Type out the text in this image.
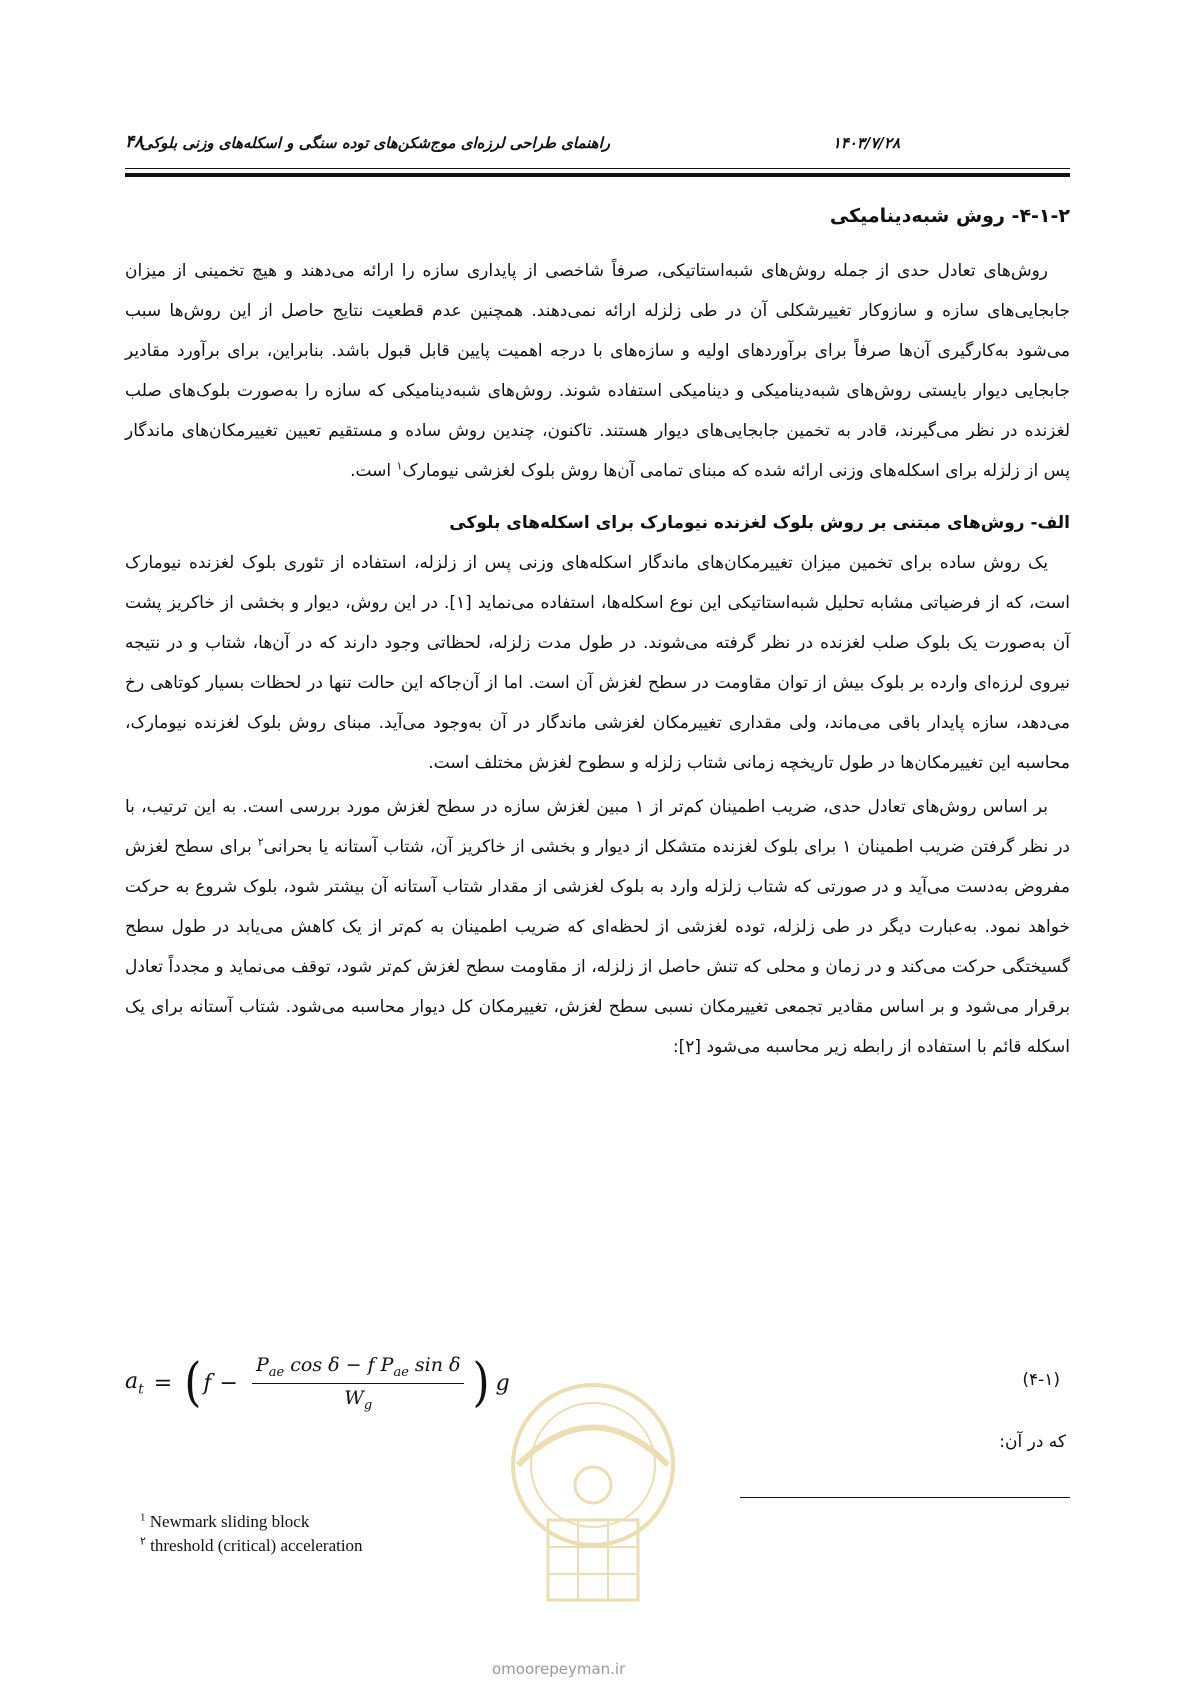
۴۸	۱۴۰۳/۷/۲۸
راهنمای طراحی لرزه‌ای موج‌شکن‌های توده سنگی و اسکله‌های وزنی بلوکی
۴-۱-۲- روش شبه‌دینامیکی

روش‌های تعادل حدی از جمله روش‌های شبه‌استاتیکی، صرفاً شاخصی از پایداری سازه را ارائه می‌دهند و هیچ تخمینی از میزان جابجایی‌های سازه و سازوکار تغییرشکلی آن در طی زلزله ارائه نمی‌دهند. همچنین عدم قطعیت نتایج حاصل از این روش‌ها سبب می‌شود به‌کارگیری آن‌ها صرفاً برای برآوردهای اولیه و سازه‌های با درجه اهمیت پایین قابل قبول باشد. بنابراین، برای برآورد مقادیر جابجایی دیوار بایستی روش‌های شبه‌دینامیکی و دینامیکی استفاده شوند. روش‌های شبه‌دینامیکی که سازه را به‌صورت بلوک‌های صلب لغزنده در نظر می‌گیرند، قادر به تخمین جابجایی‌های دیوار هستند. تاکنون، چندین روش ساده و مستقیم تعیین تغییرمکان‌های ماندگار پس از زلزله برای اسکله‌های وزنی ارائه شده که مبنای تمامی آن‌ها روش بلوک لغزشی نیومارک$^۱$ است.

الف- روش‌های مبتنی بر روش بلوک لغزنده نیومارک برای اسکله‌های بلوکی

یک روش ساده برای تخمین میزان تغییرمکان‌های ماندگار اسکله‌های وزنی پس از زلزله، استفاده از تئوری بلوک لغزنده نیومارک است، که از فرضیاتی مشابه تحلیل شبه‌استاتیکی این نوع اسکله‌ها، استفاده می‌نماید [۱]. در این روش، دیوار و بخشی از خاکریز پشت آن به‌صورت یک بلوک صلب لغزنده در نظر گرفته می‌شوند. در طول مدت زلزله، لحظاتی وجود دارند که در آن‌ها، شتاب و در نتیجه نیروی لرزه‌ای وارده بر بلوک بیش از توان مقاومت در سطح لغزش آن است. اما از آن‌جاکه این حالت تنها در لحظات بسیار کوتاهی رخ می‌دهد، سازه پایدار باقی می‌ماند، ولی مقداری تغییرمکان لغزشی ماندگار در آن به‌وجود می‌آید. مبنای روش بلوک لغزنده نیومارک، محاسبه این تغییرمکان‌ها در طول تاریخچه زمانی شتاب زلزله و سطوح لغزش مختلف است.

بر اساس روش‌های تعادل حدی، ضریب اطمینان کم‌تر از ۱ مبین لغزش سازه در سطح لغزش مورد بررسی است. به این ترتیب، با در نظر گرفتن ضریب اطمینان ۱ برای بلوک لغزنده متشکل از دیوار و بخشی از خاکریز آن، شتاب آستانه یا بحرانی$^۲$ برای سطح لغزش مفروض به‌دست می‌آید و در صورتی که شتاب زلزله وارد به بلوک لغزشی از مقدار شتاب آستانه آن بیشتر شود، بلوک شروع به حرکت خواهد نمود. به‌عبارت دیگر در طی زلزله، توده لغزشی از لحظه‌ای که ضریب اطمینان به کم‌تر از یک کاهش می‌یابد در طول سطح گسیختگی حرکت می‌کند و در زمان و محلی که تنش حاصل از زلزله، از مقاومت سطح لغزش کم‌تر شود، توقف می‌نماید و مجدداً تعادل برقرار می‌شود و بر اساس مقادیر تجمعی تغییرمکان نسبی سطح لغزش، تغییرمکان کل دیوار محاسبه می‌شود. شتاب آستانه برای یک اسکله قائم با استفاده از رابطه زیر محاسبه می‌شود [۲]:

$a_t$ = ( $f - \frac{P_{ae} \cos \delta - f P_{ae} \sin \delta}{W_g}$ ) g	(۴-۱)
که در آن:
$^1$ Newmark sliding block
$^۲$ threshold (critical) acceleration
omoorepeyman.ir
